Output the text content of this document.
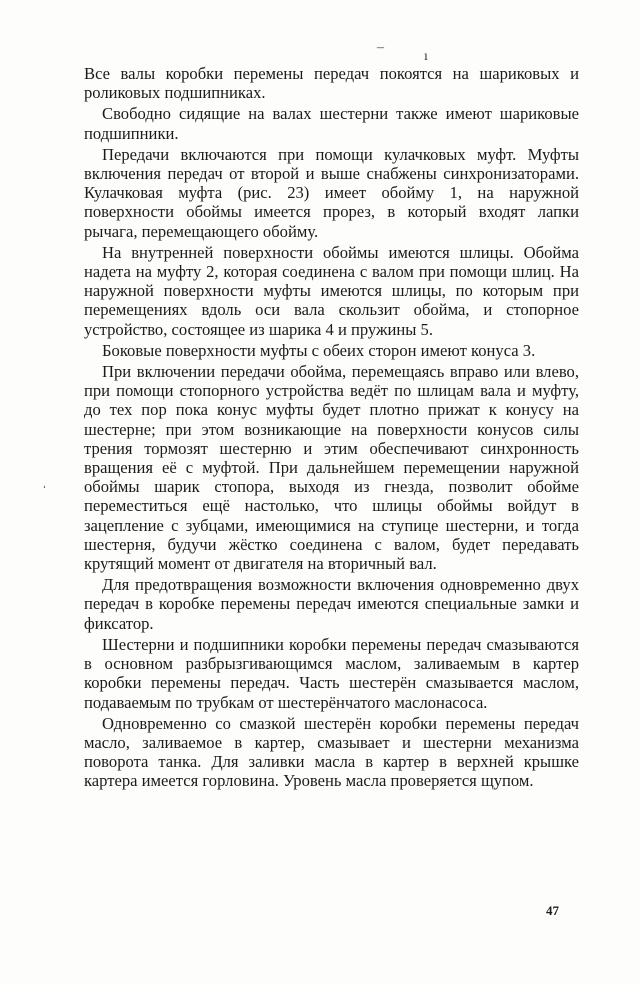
Все валы коробки перемены передач покоятся на шариковых и роликовых подшипниках.

Свободно сидящие на валах шестерни также имеют шариковые подшипники.

Передачи включаются при помощи кулачковых муфт. Муфты включения передач от второй и выше снабжены синхронизаторами. Кулачковая муфта (рис. 23) имеет обойму 1, на наружной поверхности обоймы имеется прорез, в который входят лапки рычага, перемещающего обойму.

На внутренней поверхности обоймы имеются шлицы. Обойма надета на муфту 2, которая соединена с валом при помощи шлиц. На наружной поверхности муфты имеются шлицы, по которым при перемещениях вдоль оси вала скользит обойма, и стопорное устройство, состоящее из шарика 4 и пружины 5.

Боковые поверхности муфты с обеих сторон имеют конуса 3.

При включении передачи обойма, перемещаясь вправо или влево, при помощи стопорного устройства ведёт по шлицам вала и муфту, до тех пор пока конус муфты будет плотно прижат к конусу на шестерне; при этом возникающие на поверхности конусов силы трения тормозят шестерню и этим обеспечивают синхронность вращения её с муфтой. При дальнейшем перемещении наружной обоймы шарик стопора, выходя из гнезда, позволит обойме переместиться ещё настолько, что шлицы обоймы войдут в зацепление с зубцами, имеющимися на ступице шестерни, и тогда шестерня, будучи жёстко соединена с валом, будет передавать крутящий момент от двигателя на вторичный вал.

Для предотвращения возможности включения одновременно двух передач в коробке перемены передач имеются специальные замки и фиксатор.

Шестерни и подшипники коробки перемены передач смазываются в основном разбрызгивающимся маслом, заливаемым в картер коробки перемены передач. Часть шестерён смазывается маслом, подаваемым по трубкам от шестерёнчатого маслонасоса.

Одновременно со смазкой шестерён коробки перемены передач масло, заливаемое в картер, смазывает и шестерни механизма поворота танка. Для заливки масла в картер в верхней крышке картера имеется горловина. Уровень масла проверяется щупом.

¯	ı
ˌ
47
